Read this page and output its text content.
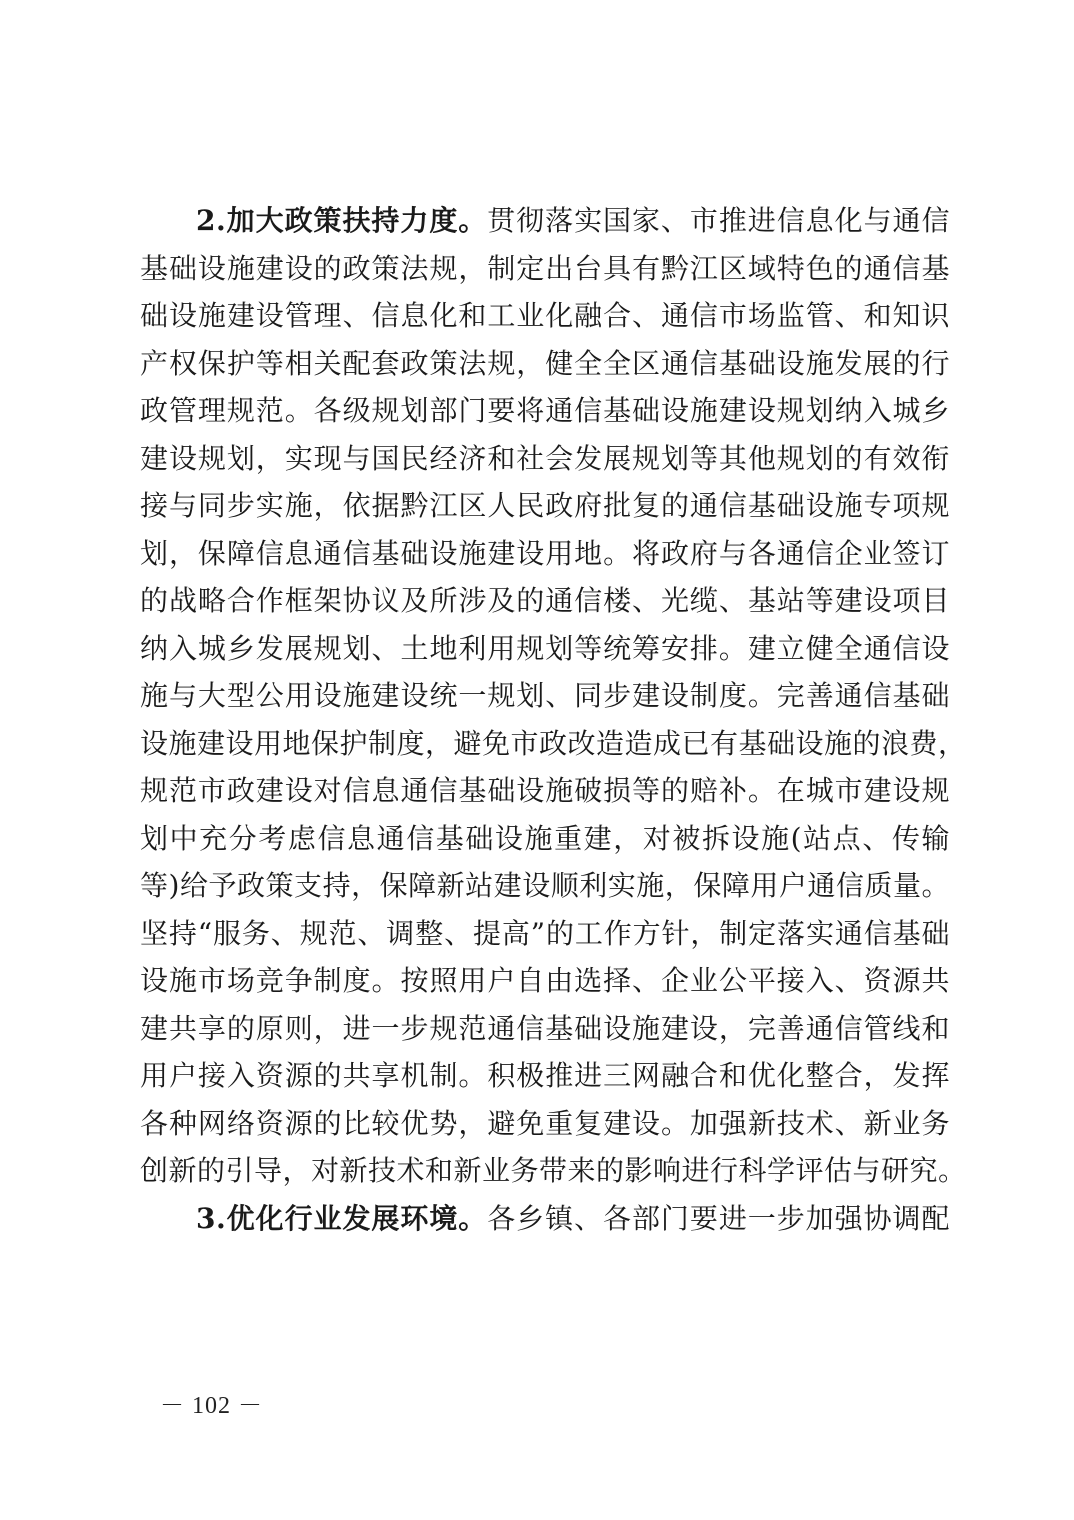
2.加大政策扶持力度。贯彻落实国家、市推进信息化与通信
基础设施建设的政策法规，制定出台具有黔江区域特色的通信基
础设施建设管理、信息化和工业化融合、通信市场监管、和知识
产权保护等相关配套政策法规，健全全区通信基础设施发展的行
政管理规范。各级规划部门要将通信基础设施建设规划纳入城乡
建设规划，实现与国民经济和社会发展规划等其他规划的有效衔
接与同步实施，依据黔江区人民政府批复的通信基础设施专项规
划，保障信息通信基础设施建设用地。将政府与各通信企业签订
的战略合作框架协议及所涉及的通信楼、光缆、基站等建设项目
纳入城乡发展规划、土地利用规划等统筹安排。建立健全通信设
施与大型公用设施建设统一规划、同步建设制度。完善通信基础
设施建设用地保护制度，避免市政改造造成已有基础设施的浪费，
规范市政建设对信息通信基础设施破损等的赔补。在城市建设规
划中充分考虑信息通信基础设施重建，对被拆设施(站点、传输
等)给予政策支持，保障新站建设顺利实施，保障用户通信质量。
坚持“服务、规范、调整、提高”的工作方针，制定落实通信基础
设施市场竞争制度。按照用户自由选择、企业公平接入、资源共
建共享的原则，进一步规范通信基础设施建设，完善通信管线和
用户接入资源的共享机制。积极推进三网融合和优化整合，发挥
各种网络资源的比较优势，避免重复建设。加强新技术、新业务
创新的引导，对新技术和新业务带来的影响进行科学评估与研究。
3.优化行业发展环境。各乡镇、各部门要进一步加强协调配
－ 102 －
